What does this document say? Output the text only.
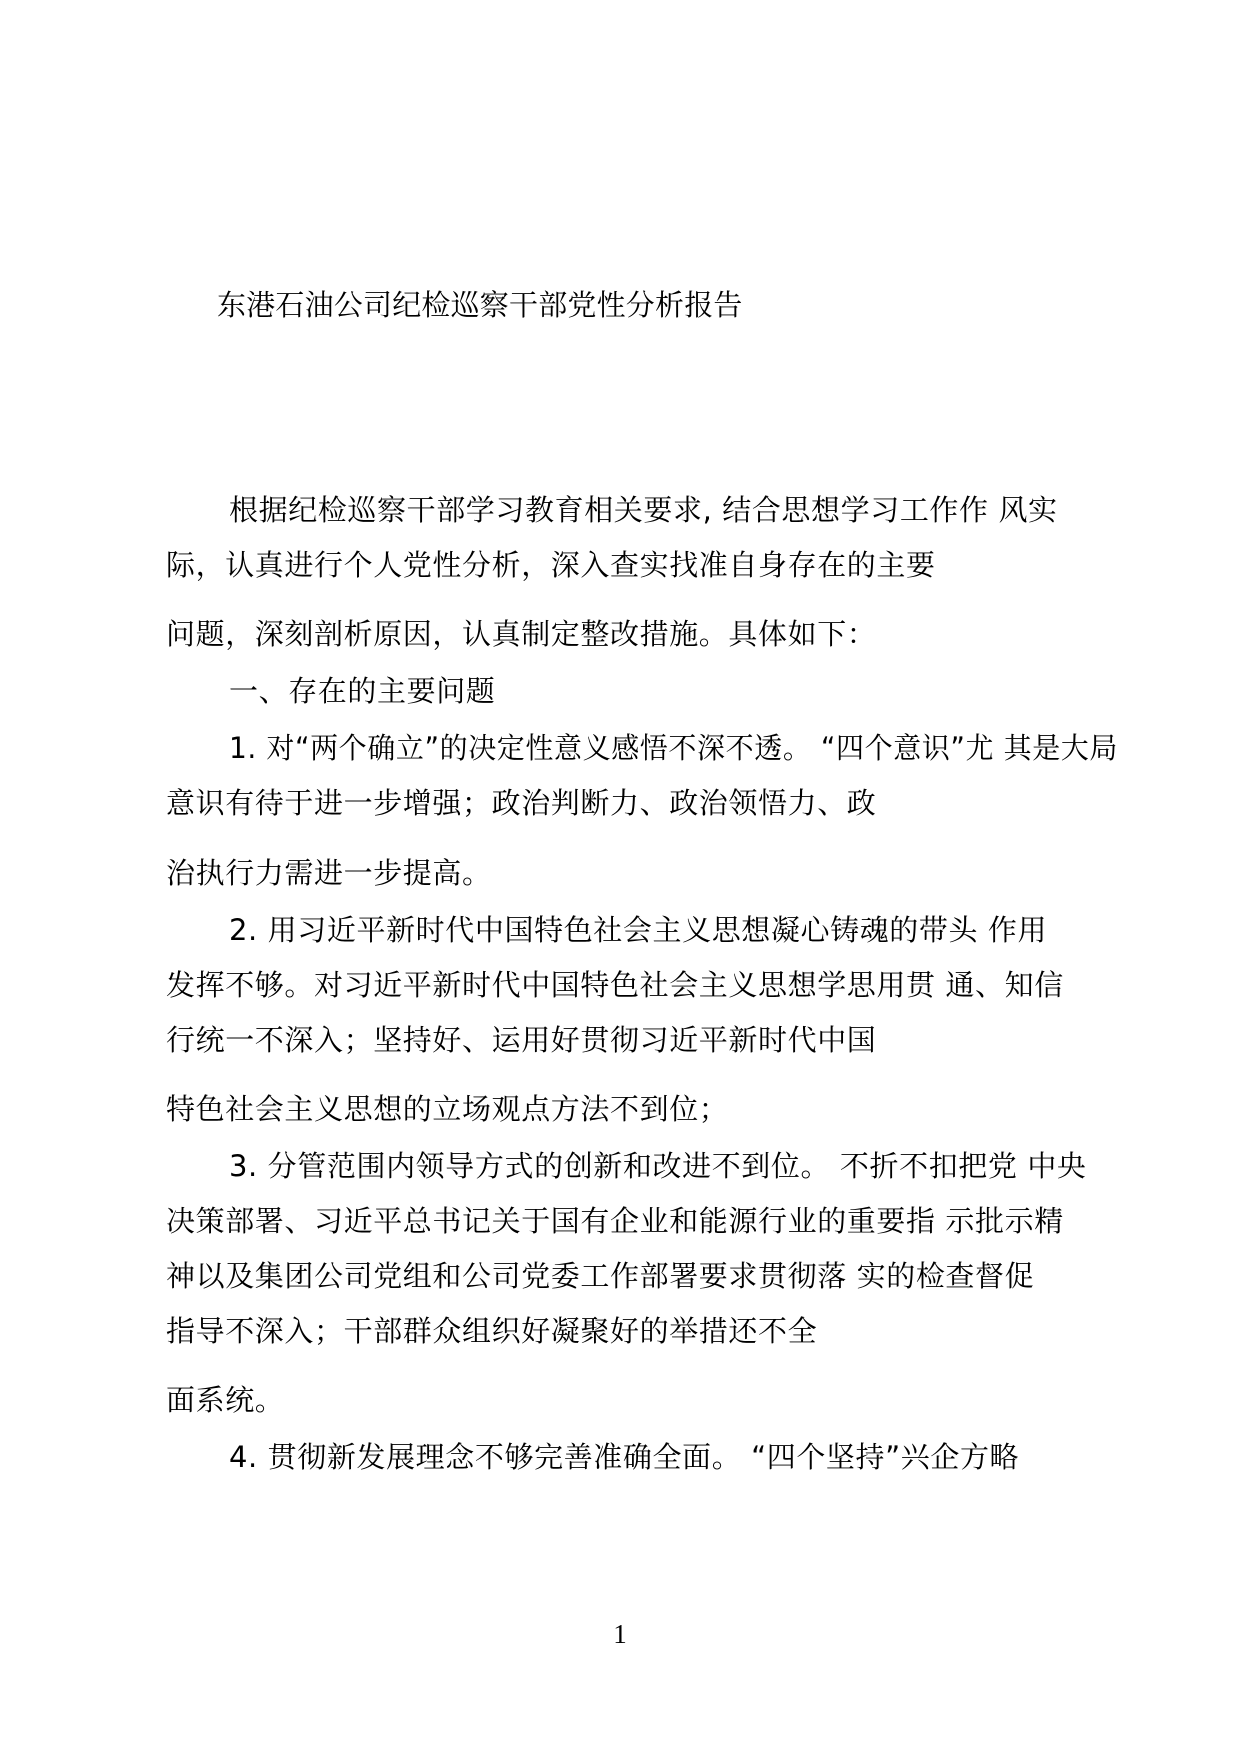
东港石油公司纪检巡察干部党性分析报告
根据纪检巡察干部学习教育相关要求, 结合思想学习工作作 风实
际，认真进行个人党性分析，深入查实找准自身存在的主要
问题，深刻剖析原因，认真制定整改措施。具体如下：
一、存在的主要问题
1. 对“两个确立”的决定性意义感悟不深不透。 “四个意识”尤 其是大局
意识有待于进一步增强；政治判断力、政治领悟力、政
治执行力需进一步提高。
2. 用习近平新时代中国特色社会主义思想凝心铸魂的带头 作用
发挥不够。对习近平新时代中国特色社会主义思想学思用贯 通、知信
行统一不深入；坚持好、运用好贯彻习近平新时代中国
特色社会主义思想的立场观点方法不到位；
3. 分管范围内领导方式的创新和改进不到位。 不折不扣把党 中央
决策部署、习近平总书记关于国有企业和能源行业的重要指 示批示精
神以及集团公司党组和公司党委工作部署要求贯彻落 实的检查督促
指导不深入；干部群众组织好凝聚好的举措还不全
面系统。
4. 贯彻新发展理念不够完善准确全面。 “四个坚持”兴企方略
1
